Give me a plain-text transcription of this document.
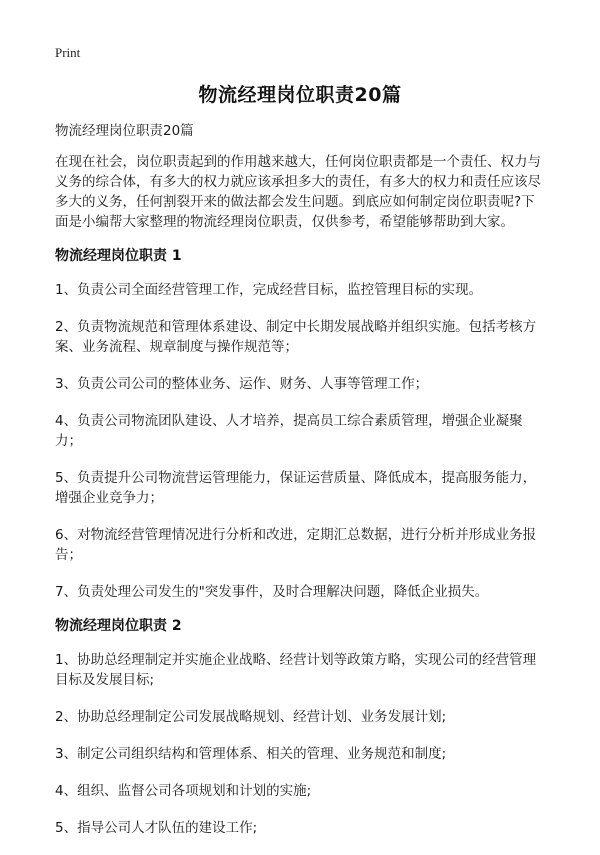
Print
物流经理岗位职责20篇

物流经理岗位职责20篇

在现在社会，岗位职责起到的作用越来越大，任何岗位职责都是一个责任、权力与义务的综合体，有多大的权力就应该承担多大的责任，有多大的权力和责任应该尽多大的义务，任何割裂开来的做法都会发生问题。到底应如何制定岗位职责呢?下面是小编帮大家整理的物流经理岗位职责，仅供参考，希望能够帮助到大家。

物流经理岗位职责 1

1、负责公司全面经营管理工作，完成经营目标，监控管理目标的实现。

2、负责物流规范和管理体系建设、制定中长期发展战略并组织实施。包括考核方案、业务流程、规章制度与操作规范等；

3、负责公司公司的整体业务、运作、财务、人事等管理工作；

4、负责公司物流团队建设、人才培养，提高员工综合素质管理，增强企业凝聚力；

5、负责提升公司物流营运管理能力，保证运营质量、降低成本，提高服务能力，增强企业竞争力；

6、对物流经营管理情况进行分析和改进，定期汇总数据，进行分析并形成业务报告；

7、负责处理公司发生的"突发事件，及时合理解决问题，降低企业损失。

物流经理岗位职责 2

1、协助总经理制定并实施企业战略、经营计划等政策方略，实现公司的经营管理目标及发展目标;

2、协助总经理制定公司发展战略规划、经营计划、业务发展计划;

3、制定公司组织结构和管理体系、相关的管理、业务规范和制度;

4、组织、监督公司各项规划和计划的实施;

5、指导公司人才队伍的建设工作;
